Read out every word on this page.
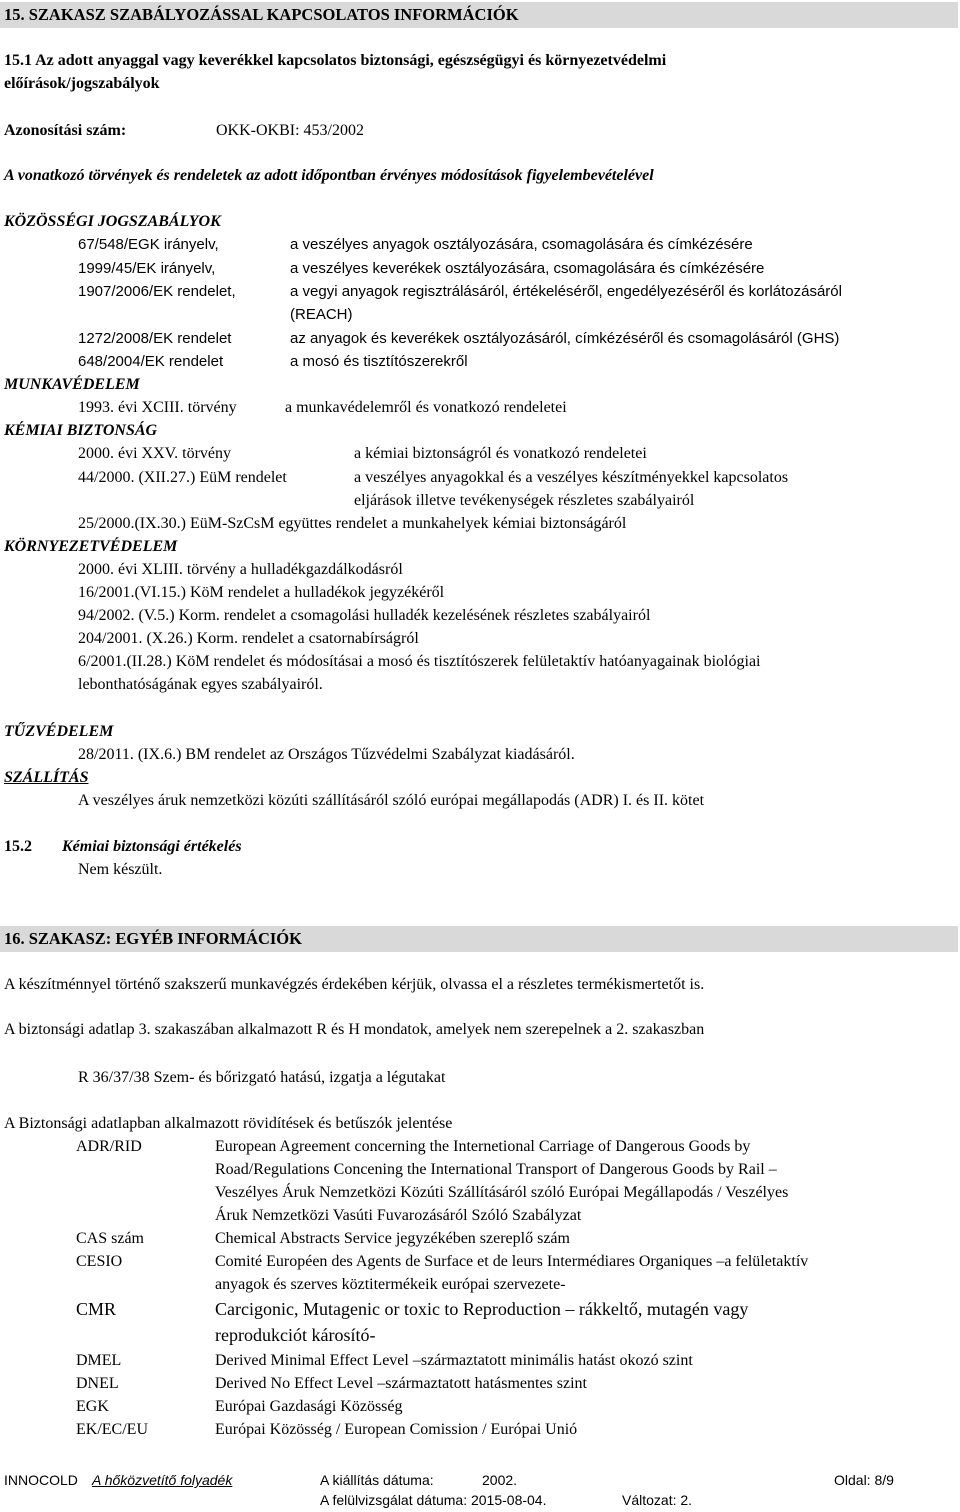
15. SZAKASZ SZABÁLYOZÁSSAL KAPCSOLATOS INFORMÁCIÓK
15.1 Az adott anyaggal vagy keverékkel kapcsolatos biztonsági, egészségügyi és környezetvédelmi
előírások/jogszabályok
Azonosítási szám:	OKK-OKBI: 453/2002
A vonatkozó törvények és rendeletek az adott időpontban érvényes módosítások figyelembevételével
KÖZÖSSÉGI JOGSZABÁLYOK
67/548/EGK irányelv,	a veszélyes anyagok osztályozására, csomagolására és címkézésére
1999/45/EK irányelv,	a veszélyes keverékek osztályozására, csomagolására és címkézésére
1907/2006/EK rendelet,	a vegyi anyagok regisztrálásáról, értékeléséről, engedélyezéséről és korlátozásáról
(REACH)
1272/2008/EK rendelet	az anyagok és keverékek osztályozásáról, címkézéséről és csomagolásáról (GHS)
648/2004/EK rendelet	a mosó és tisztítószerekről
MUNKAVÉDELEM
1993. évi XCIII. törvény	a munkavédelemről és vonatkozó rendeletei
KÉMIAI BIZTONSÁG
2000. évi XXV. törvény	a kémiai biztonságról és vonatkozó rendeletei
44/2000. (XII.27.) EüM rendelet	a veszélyes anyagokkal és a veszélyes készítményekkel kapcsolatos
eljárások illetve tevékenységek részletes szabályairól
25/2000.(IX.30.) EüM-SzCsM együttes rendelet a munkahelyek kémiai biztonságáról
KÖRNYEZETVÉDELEM
2000. évi XLIII. törvény a hulladékgazdálkodásról
16/2001.(VI.15.) KöM rendelet a hulladékok jegyzékéről
94/2002. (V.5.) Korm. rendelet a csomagolási hulladék kezelésének részletes szabályairól
204/2001. (X.26.) Korm. rendelet a csatornabírságról
6/2001.(II.28.) KöM rendelet és módosításai a mosó és tisztítószerek felületaktív hatóanyagainak biológiai
lebonthatóságának egyes szabályairól.
TŰZVÉDELEM
28/2011. (IX.6.) BM rendelet az Országos Tűzvédelmi Szabályzat kiadásáról.
SZÁLLÍTÁS
A veszélyes áruk nemzetközi közúti szállításáról szóló európai megállapodás (ADR) I. és II. kötet
15.2 Kémiai biztonsági értékelés
Nem készült.
16. SZAKASZ: EGYÉB INFORMÁCIÓK
A készítménnyel történő szakszerű munkavégzés érdekében kérjük, olvassa el a részletes termékismertetőt is.
A biztonsági adatlap 3. szakaszában alkalmazott R és H mondatok, amelyek nem szerepelnek a 2. szakaszban
R 36/37/38 Szem- és bőrizgató hatású, izgatja a légutakat
A Biztonsági adatlapban alkalmazott rövidítések és betűszók jelentése
ADR/RID	European Agreement concerning the Internetional Carriage of Dangerous Goods by
Road/Regulations Concening the International Transport of Dangerous Goods by Rail –
Veszélyes Áruk Nemzetközi Közúti Szállításáról szóló Európai Megállapodás / Veszélyes
Áruk Nemzetközi Vasúti Fuvarozásáról Szóló Szabályzat
CAS szám	Chemical Abstracts Service jegyzékében szereplő szám
CESIO	Comité Européen des Agents de Surface et de leurs Intermédiares Organiques –a felületaktív
anyagok és szerves köztitermékeik európai szervezete-
CMR	Carcigonic, Mutagenic or toxic to Reproduction – rákkeltő, mutagén vagy
reprodukciót károsító-
DMEL	Derived Minimal Effect Level –származtatott minimális hatást okozó szint
DNEL	Derived No Effect Level –származtatott hatásmentes szint
EGK	Európai Gazdasági Közösség
EK/EC/EU	Európai Közösség / European Comission / Európai Unió
INNOCOLD A hőközvetítő folyadék	A kiállítás dátuma:	2002.	Oldal: 8/9
A felülvizsgálat dátuma: 2015-08-04.	Változat: 2.
